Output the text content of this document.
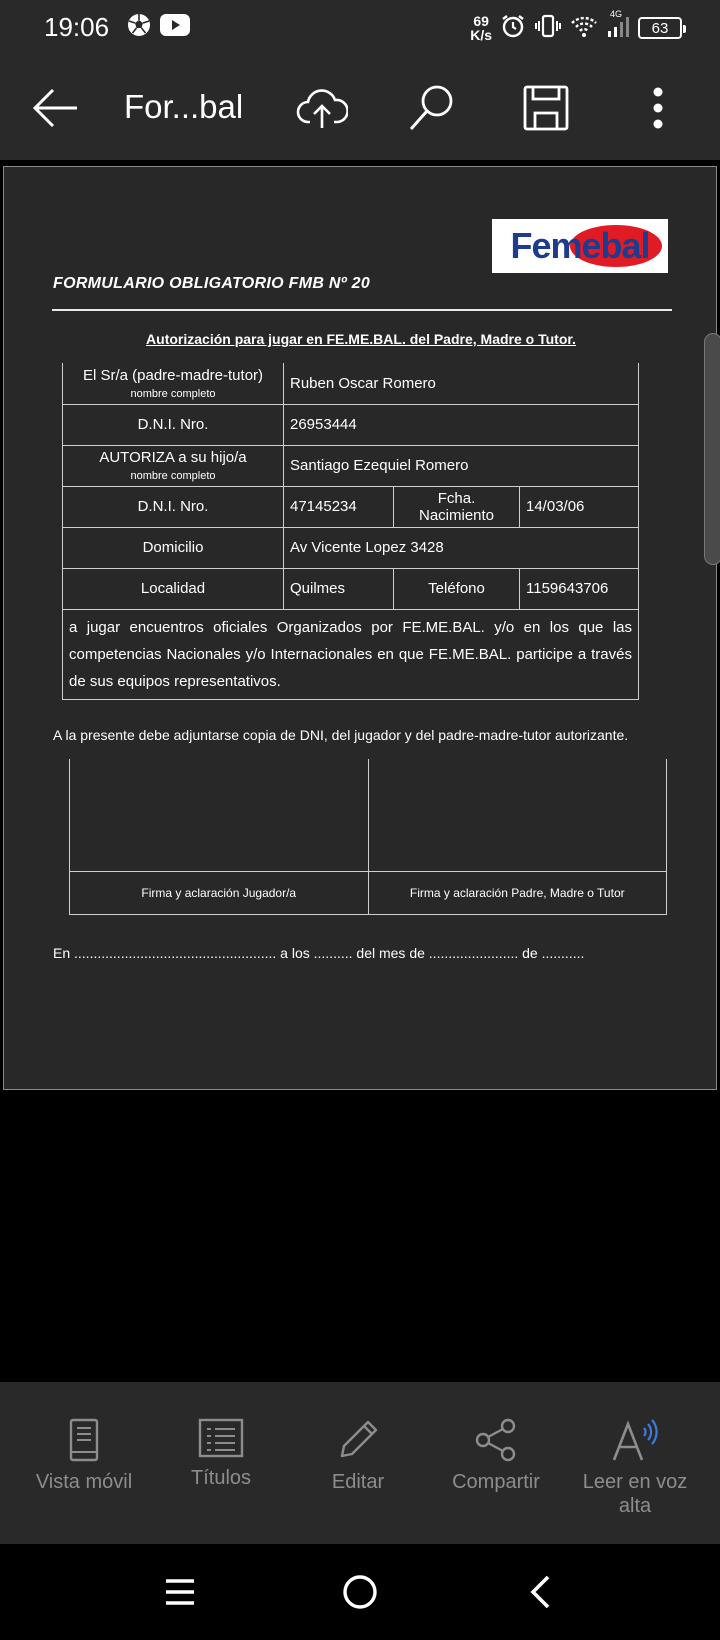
19:06	69
K/s
4G
63
For...bal
Femebal
FORMULARIO OBLIGATORIO FMB Nº 20
Autorización para jugar en FE.ME.BAL. del Padre, Madre o Tutor.
El Sr/a (padre-madre-tutor)
nombre completo	Ruben Oscar Romero		
D.N.I. Nro.	26953444		
AUTORIZA a su hijo/a
nombre completo	Santiago Ezequiel Romero		
D.N.I. Nro.	47145234	Fcha. Nacimiento	14/03/06
Domicilio	Av Vicente Lopez 3428		
Localidad	Quilmes	Teléfono	1159643706
a jugar encuentros oficiales Organizados por FE.ME.BAL. y/o en los que las competencias Nacionales y/o Internacionales en que FE.ME.BAL. participe a través de sus equipos representativos.			
A la presente debe adjuntarse copia de DNI, del jugador y del padre-madre-tutor autorizante.

Firma y aclaración Jugador/a	Firma y aclaración Padre, Madre o Tutor
En .................................................... a los .......... del mes de ....................... de ...........
Vista móvil	Títulos	Editar	Compartir	Leer en voz alta
